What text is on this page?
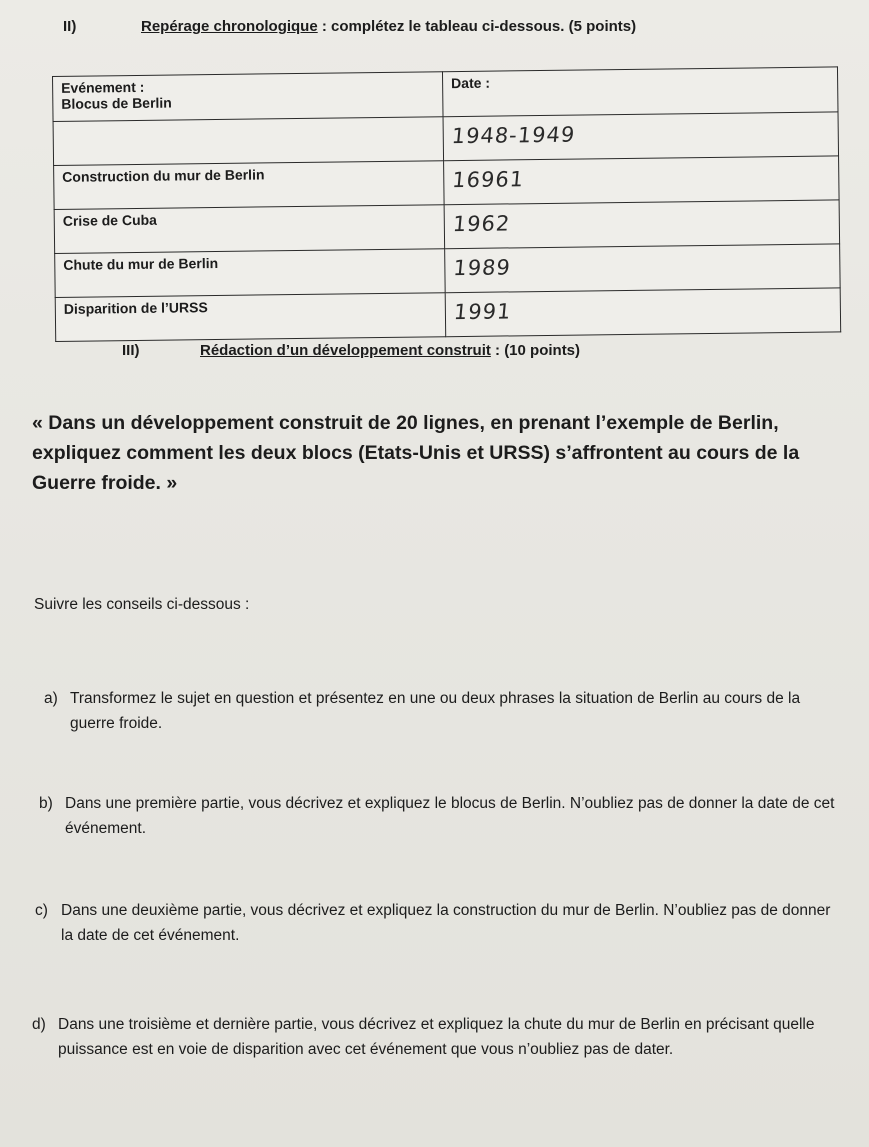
II)	Repérage chronologique : complétez le tableau ci-dessous. (5 points)
Evénement :
Blocus de Berlin	Date :
	1948-1949
Construction du mur de Berlin	16961
Crise de Cuba	1962
Chute du mur de Berlin	1989
Disparition de l’URSS	1991
III)	Rédaction d’un développement construit : (10 points)
« Dans un développement construit de 20 lignes, en prenant l’exemple de Berlin, expliquez comment les deux blocs (Etats-Unis et URSS) s’affrontent au cours de la Guerre froide. »
Suivre les conseils ci-dessous :
a) Transformez le sujet en question et présentez en une ou deux phrases la situation de Berlin au cours de la guerre froide.
b) Dans une première partie, vous décrivez et expliquez le blocus de Berlin. N’oubliez pas de donner la date de cet événement.
c) Dans une deuxième partie, vous décrivez et expliquez la construction du mur de Berlin. N’oubliez pas de donner la date de cet événement.
d) Dans une troisième et dernière partie, vous décrivez et expliquez la chute du mur de Berlin en précisant quelle puissance est en voie de disparition avec cet événement que vous n’oubliez pas de dater.
